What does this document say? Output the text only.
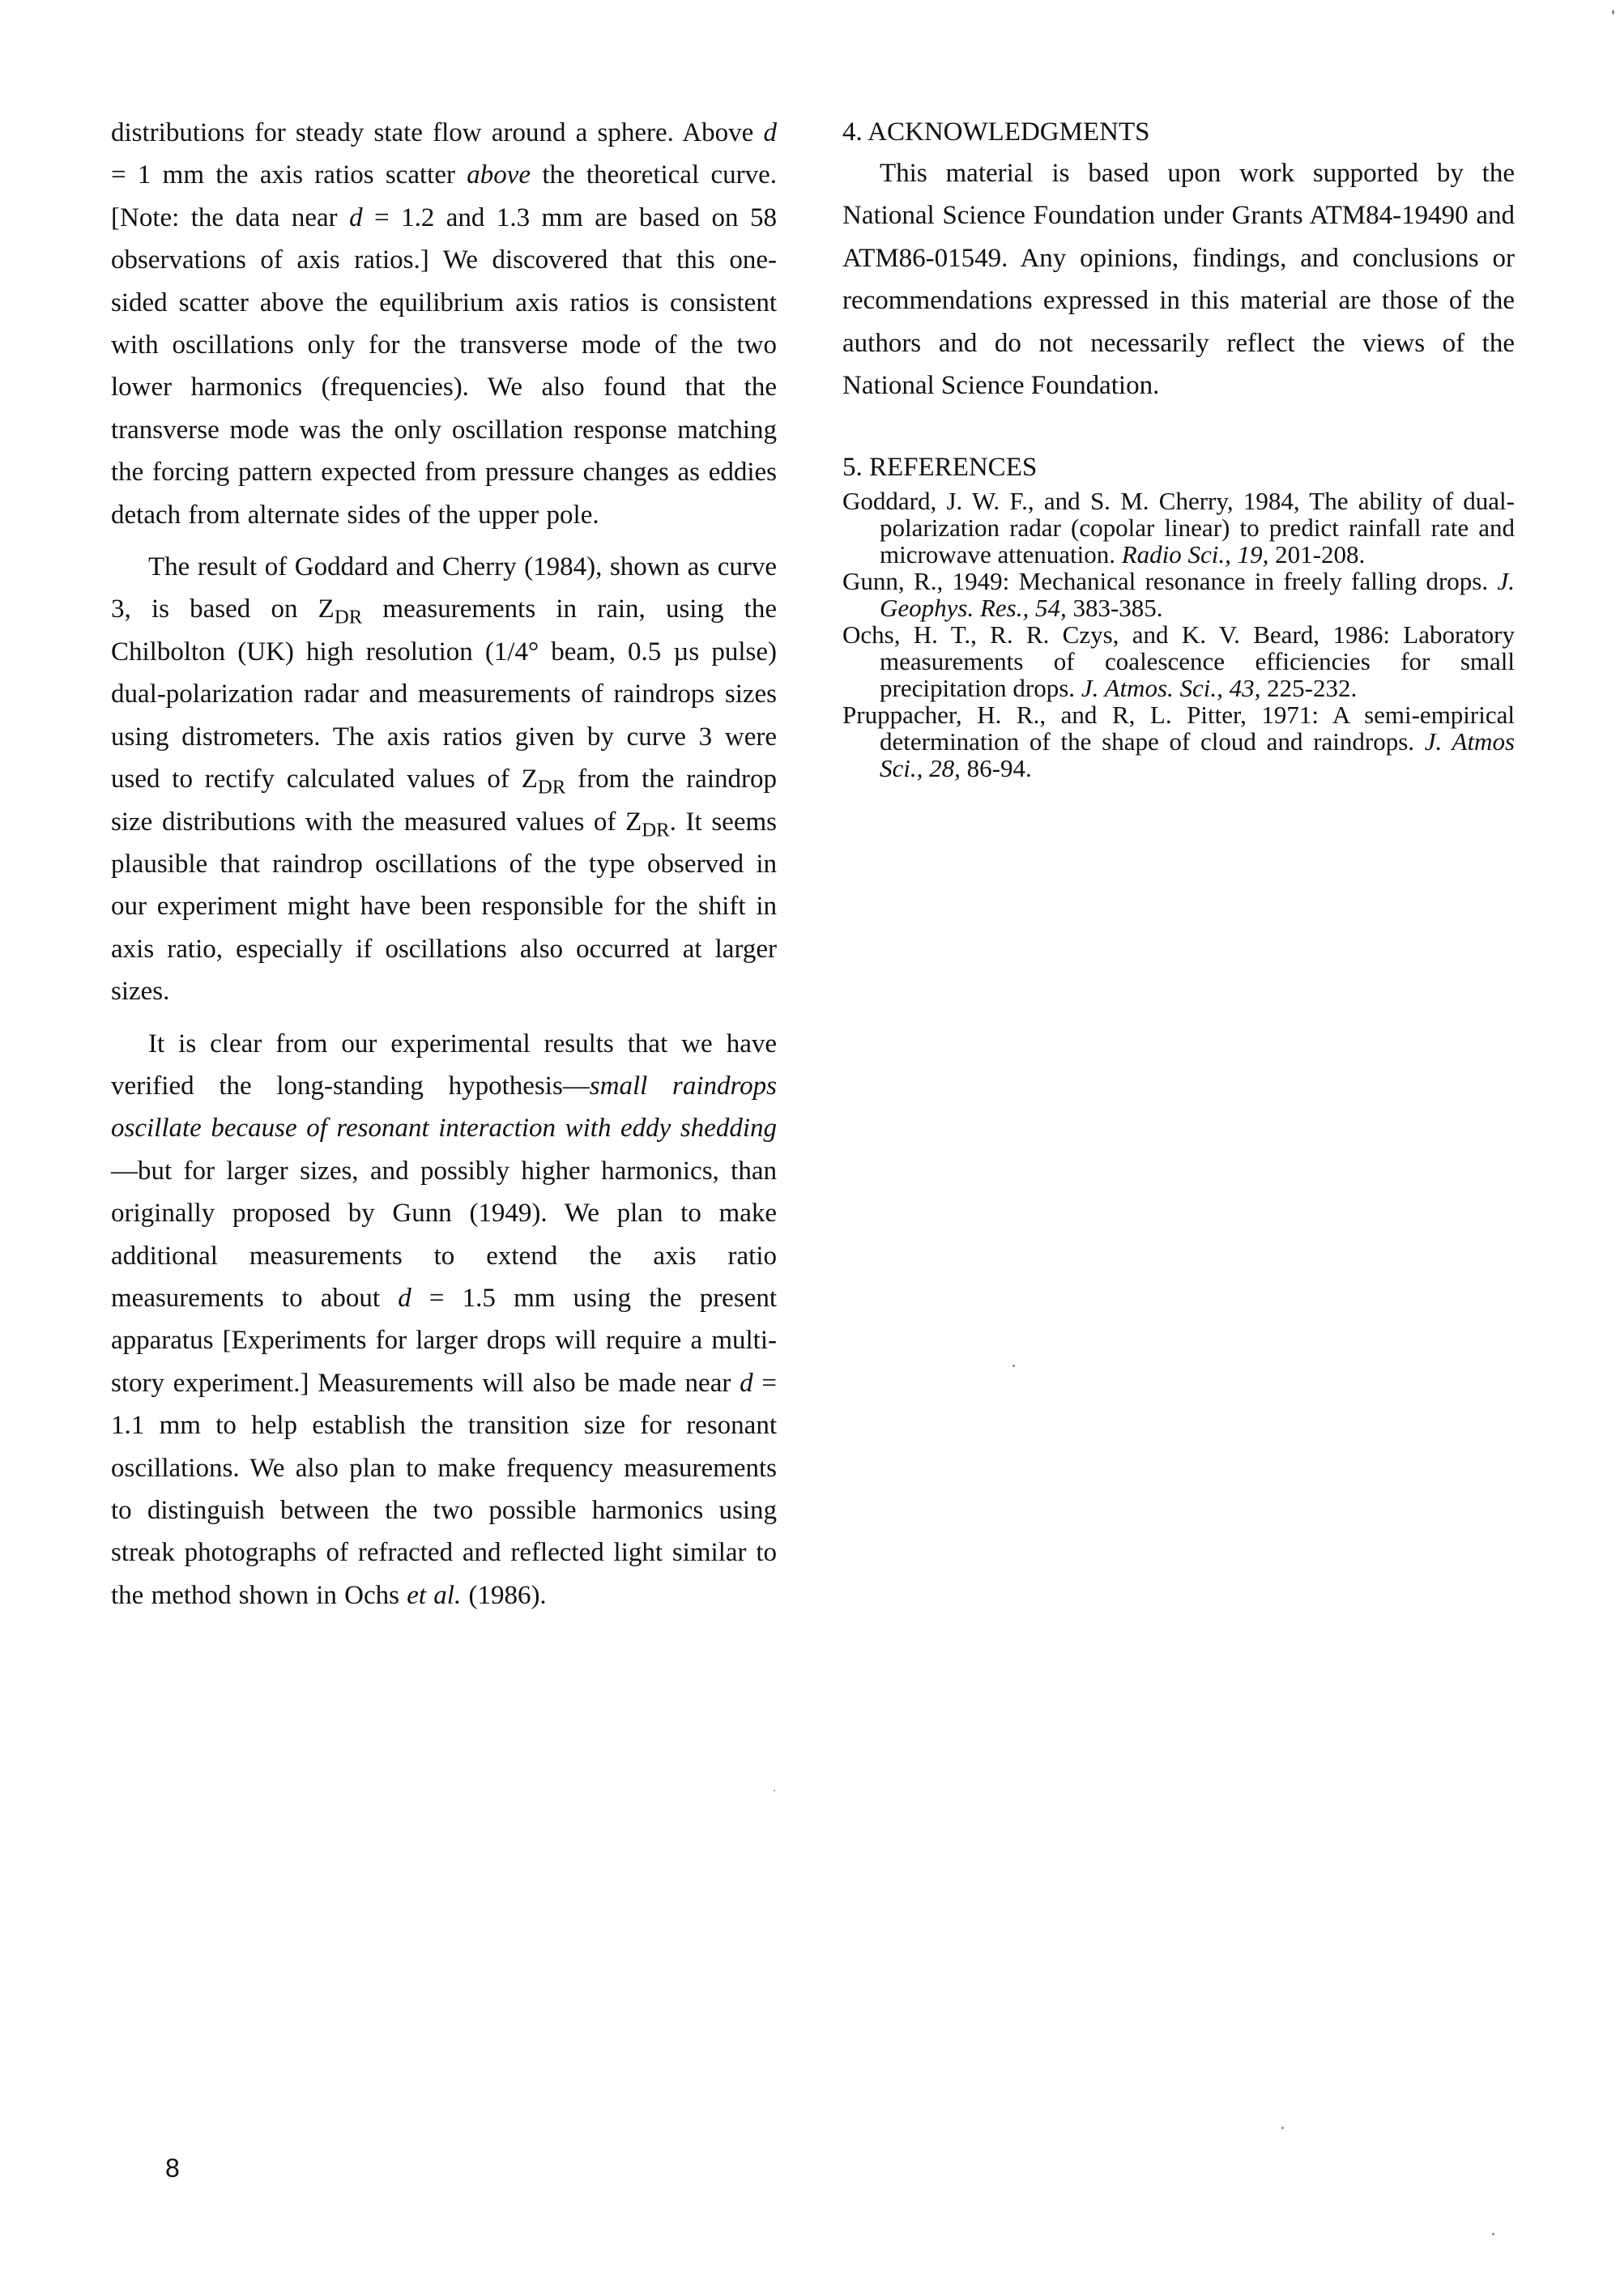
distributions for steady state flow around a sphere. Above d = 1 mm the axis ratios scatter above the theoretical curve. [Note: the data near d = 1.2 and 1.3 mm are based on 58 observations of axis ratios.] We discovered that this one-sided scatter above the equilibrium axis ratios is consistent with oscillations only for the transverse mode of the two lower harmonics (frequencies). We also found that the transverse mode was the only oscillation response matching the forcing pattern expected from pressure changes as eddies detach from alternate sides of the upper pole.

The result of Goddard and Cherry (1984), shown as curve 3, is based on $Z_{DR}$ measurements in rain, using the Chilbolton (UK) high resolution (1/4° beam, 0.5 µs pulse) dual-polarization radar and measurements of raindrops sizes using distrometers. The axis ratios given by curve 3 were used to rectify calculated values of $Z_{DR}$ from the raindrop size distributions with the measured values of $Z_{DR}$. It seems plausible that raindrop oscillations of the type observed in our experiment might have been responsible for the shift in axis ratio, especially if oscillations also occurred at larger sizes.

It is clear from our experimental results that we have verified the long-standing hypothesis—small raindrops oscillate because of resonant interaction with eddy shedding—but for larger sizes, and possibly higher harmonics, than originally proposed by Gunn (1949). We plan to make additional measurements to extend the axis ratio measurements to about d = 1.5 mm using the present apparatus [Experiments for larger drops will require a multi-story experiment.] Measurements will also be made near d = 1.1 mm to help establish the transition size for resonant oscillations. We also plan to make frequency measurements to distinguish between the two possible harmonics using streak photographs of refracted and reflected light similar to the method shown in Ochs et al. (1986).

4. ACKNOWLEDGMENTS

This material is based upon work supported by the National Science Foundation under Grants ATM84-19490 and ATM86-01549. Any opinions, findings, and conclusions or recommendations expressed in this material are those of the authors and do not necessarily reflect the views of the National Science Foundation.

5. REFERENCES

Goddard, J. W. F., and S. M. Cherry, 1984, The ability of dual-polarization radar (copolar linear) to predict rainfall rate and microwave attenuation. Radio Sci., 19, 201-208.

Gunn, R., 1949: Mechanical resonance in freely falling drops. J. Geophys. Res., 54, 383-385.

Ochs, H. T., R. R. Czys, and K. V. Beard, 1986: Laboratory measurements of coalescence efficiencies for small precipitation drops. J. Atmos. Sci., 43, 225-232.

Pruppacher, H. R., and R, L. Pitter, 1971: A semi-empirical determination of the shape of cloud and raindrops. J. Atmos Sci., 28, 86-94.

8
